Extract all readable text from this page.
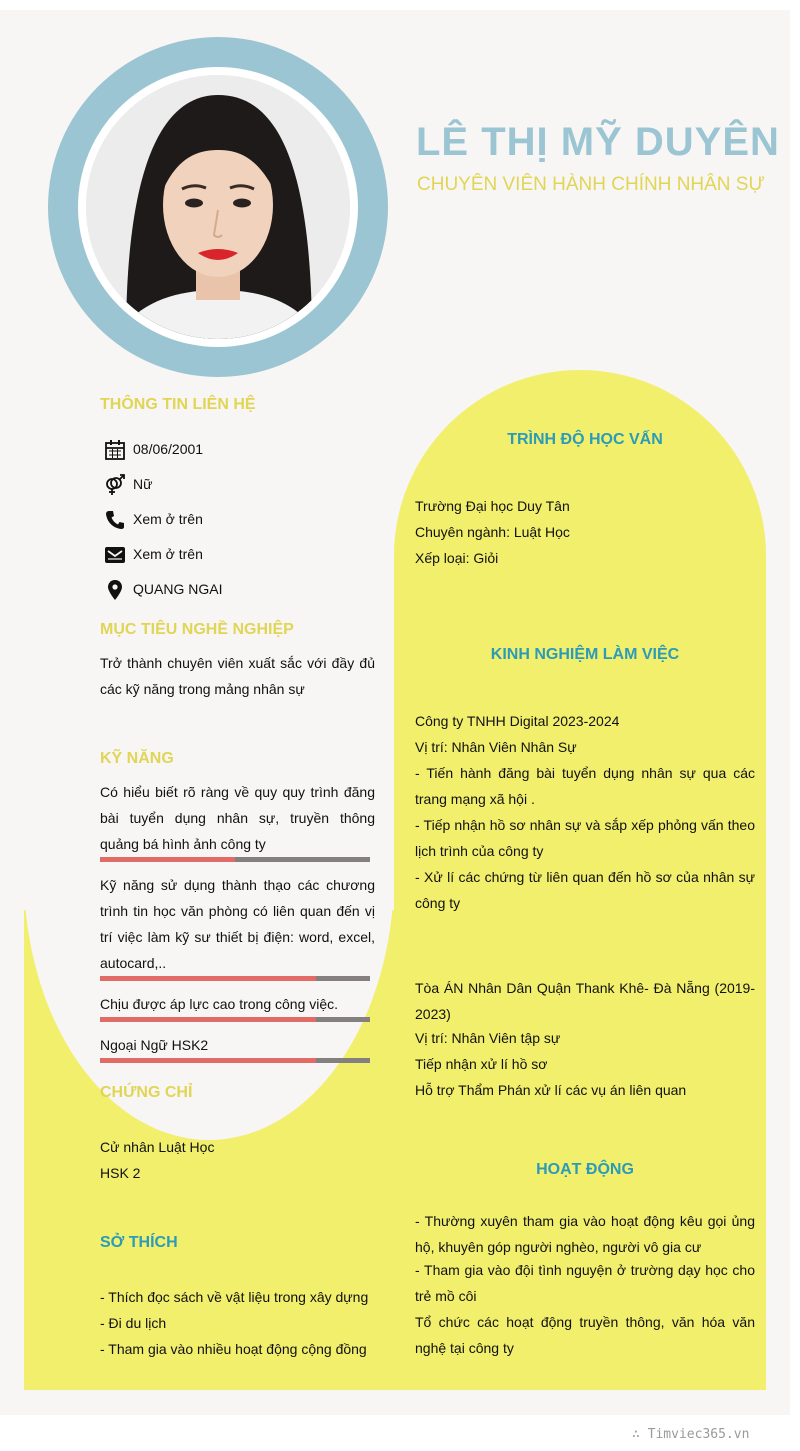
LÊ THỊ MỸ DUYÊN
CHUYÊN VIÊN HÀNH CHÍNH NHÂN SỰ
THÔNG TIN LIÊN HỆ
08/06/2001
Nữ
Xem ở trên
Xem ở trên
QUANG NGAI
MỤC TIÊU NGHỀ NGHIỆP
Trở thành chuyên viên xuất sắc với đầy đủ các kỹ năng trong mảng nhân sự
KỸ NĂNG
Có hiểu biết rõ ràng về quy quy trình đăng bài tuyển dụng nhân sự, truyền thông quảng bá hình ảnh công ty
Kỹ năng sử dụng thành thạo các chương trình tin học văn phòng có liên quan đến vị trí việc làm kỹ sư thiết bị điện: word, excel, autocard,..
Chịu được áp lực cao trong công việc.
Ngoại Ngữ HSK2
CHỨNG CHỈ
Cử nhân Luật Học
HSK 2
SỞ THÍCH
- Thích đọc sách về vật liệu trong xây dựng
- Đi du lịch
- Tham gia vào nhiều hoạt động cộng đồng
TRÌNH ĐỘ HỌC VẤN
Trường Đại học Duy Tân
Chuyên ngành: Luật Học
Xếp loại: Giỏi
KINH NGHIỆM LÀM VIỆC
Công ty TNHH Digital 2023-2024
Vị trí: Nhân Viên Nhân Sự
- Tiến hành đăng bài tuyển dụng nhân sự qua các trang mạng xã hội .
- Tiếp nhận hồ sơ nhân sự và sắp xếp phỏng vấn theo lịch trình của công ty
- Xử lí các chứng từ liên quan đến hồ sơ của nhân sự công ty
Tòa ÁN Nhân Dân Quận Thank Khê- Đà Nẵng (2019-2023)
Vị trí: Nhân Viên tập sự
Tiếp nhận xử lí hồ sơ
Hỗ trợ Thẩm Phán xử lí các vụ án liên quan
HOẠT ĐỘNG
- Thường xuyên tham gia vào hoạt động kêu gọi ủng hộ, khuyên góp người nghèo, người vô gia cư
- Tham gia vào đội tình nguyện ở trường dạy học cho trẻ mồ côi
Tổ chức các hoạt động truyền thông, văn hóa văn nghệ tại công ty
∴ Timviec365.vn
